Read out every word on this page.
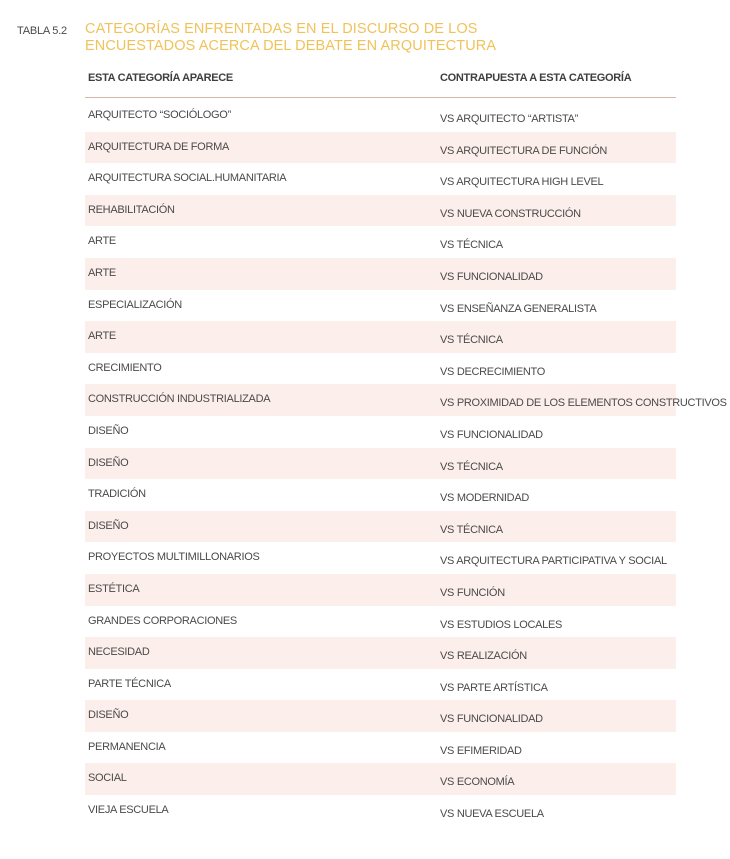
TABLA 5.2 CATEGORÍAS ENFRENTADAS EN EL DISCURSO DE LOS
ENCUESTADOS ACERCA DEL DEBATE EN ARQUITECTURA
ESTA CATEGORÍA APARECE	CONTRAPUESTA A ESTA CATEGORÍA
ARQUITECTO “SOCIÓLOGO”	VS ARQUITECTO “ARTISTA”
ARQUITECTURA DE FORMA	VS ARQUITECTURA DE FUNCIÓN
ARQUITECTURA SOCIAL.HUMANITARIA	VS ARQUITECTURA HIGH LEVEL
REHABILITACIÓN	VS NUEVA CONSTRUCCIÓN
ARTE	VS TÉCNICA
ARTE	VS FUNCIONALIDAD
ESPECIALIZACIÓN	VS ENSEÑANZA GENERALISTA
ARTE	VS TÉCNICA
CRECIMIENTO	VS DECRECIMIENTO
CONSTRUCCIÓN INDUSTRIALIZADA	VS PROXIMIDAD DE LOS ELEMENTOS CONSTRUCTIVOS
DISEÑO	VS FUNCIONALIDAD
DISEÑO	VS TÉCNICA
TRADICIÓN	VS MODERNIDAD
DISEÑO	VS TÉCNICA
PROYECTOS MULTIMILLONARIOS	VS ARQUITECTURA PARTICIPATIVA Y SOCIAL
ESTÉTICA	VS FUNCIÓN
GRANDES CORPORACIONES	VS ESTUDIOS LOCALES
NECESIDAD	VS REALIZACIÓN
PARTE TÉCNICA	VS PARTE ARTÍSTICA
DISEÑO	VS FUNCIONALIDAD
PERMANENCIA	VS EFIMERIDAD
SOCIAL	VS ECONOMÍA
VIEJA ESCUELA	VS NUEVA ESCUELA
